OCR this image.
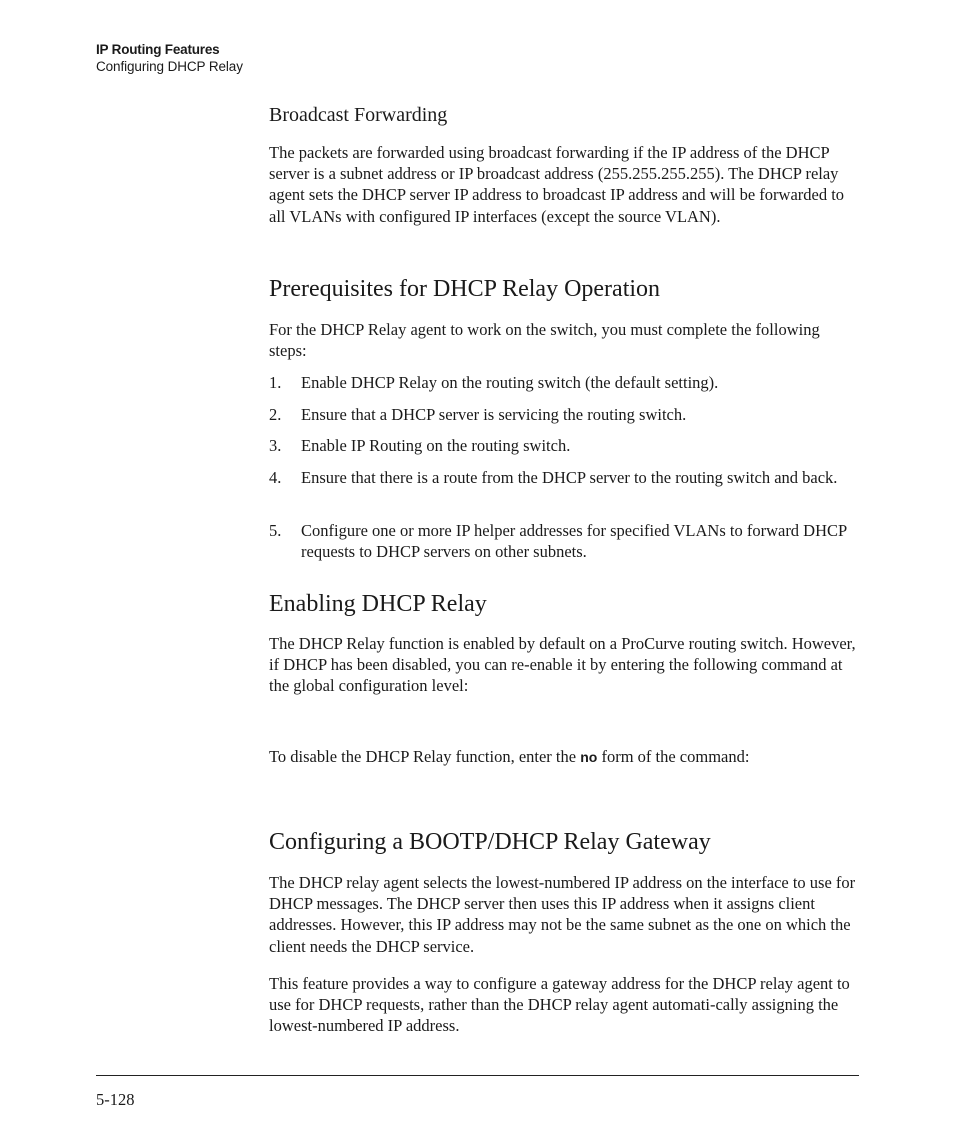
IP Routing Features
Configuring DHCP Relay
Broadcast Forwarding

The packets are forwarded using broadcast forwarding if the IP address of the DHCP server is a subnet address or IP broadcast address (255.255.255.255). The DHCP relay agent sets the DHCP server IP address to broadcast IP address and will be forwarded to all VLANs with configured IP interfaces (except the source VLAN).

Prerequisites for DHCP Relay Operation

For the DHCP Relay agent to work on the switch, you must complete the following steps:

1. Enable DHCP Relay on the routing switch (the default setting).
2. Ensure that a DHCP server is servicing the routing switch.
3. Enable IP Routing on the routing switch.
4. Ensure that there is a route from the DHCP server to the routing switch and back.
5. Configure one or more IP helper addresses for specified VLANs to forward DHCP requests to DHCP servers on other subnets.
Enabling DHCP Relay

The DHCP Relay function is enabled by default on a ProCurve routing switch. However, if DHCP has been disabled, you can re-enable it by entering the following command at the global configuration level:

To disable the DHCP Relay function, enter the no form of the command:

Configuring a BOOTP/DHCP Relay Gateway

The DHCP relay agent selects the lowest-numbered IP address on the interface to use for DHCP messages. The DHCP server then uses this IP address when it assigns client addresses. However, this IP address may not be the same subnet as the one on which the client needs the DHCP service.

This feature provides a way to configure a gateway address for the DHCP relay agent to use for DHCP requests, rather than the DHCP relay agent automati-cally assigning the lowest-numbered IP address.

5-128
